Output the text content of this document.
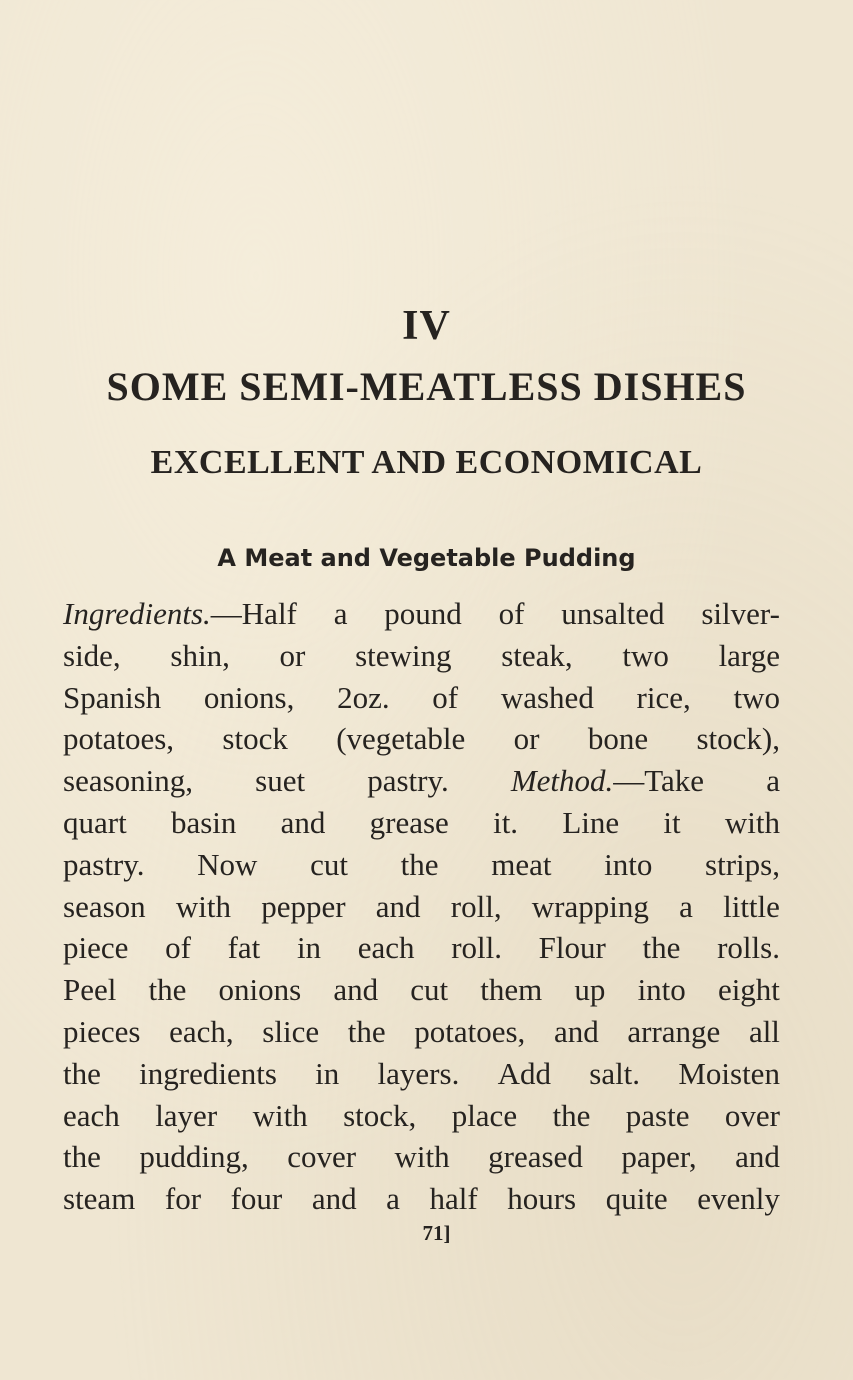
IV
SOME SEMI-MEATLESS DISHES
EXCELLENT AND ECONOMICAL
A Meat and Vegetable Pudding
Ingredients.—Half a pound of unsalted silver-
side, shin, or stewing steak, two large
Spanish onions, 2oz. of washed rice, two
potatoes, stock (vegetable or bone stock),
seasoning, suet pastry. Method.—Take a
quart basin and grease it. Line it with
pastry. Now cut the meat into strips,
season with pepper and roll, wrapping a little
piece of fat in each roll. Flour the rolls.
Peel the onions and cut them up into eight
pieces each, slice the potatoes, and arrange all
the ingredients in layers. Add salt. Moisten
each layer with stock, place the paste over
the pudding, cover with greased paper, and
steam for four and a half hours quite evenly
71]
